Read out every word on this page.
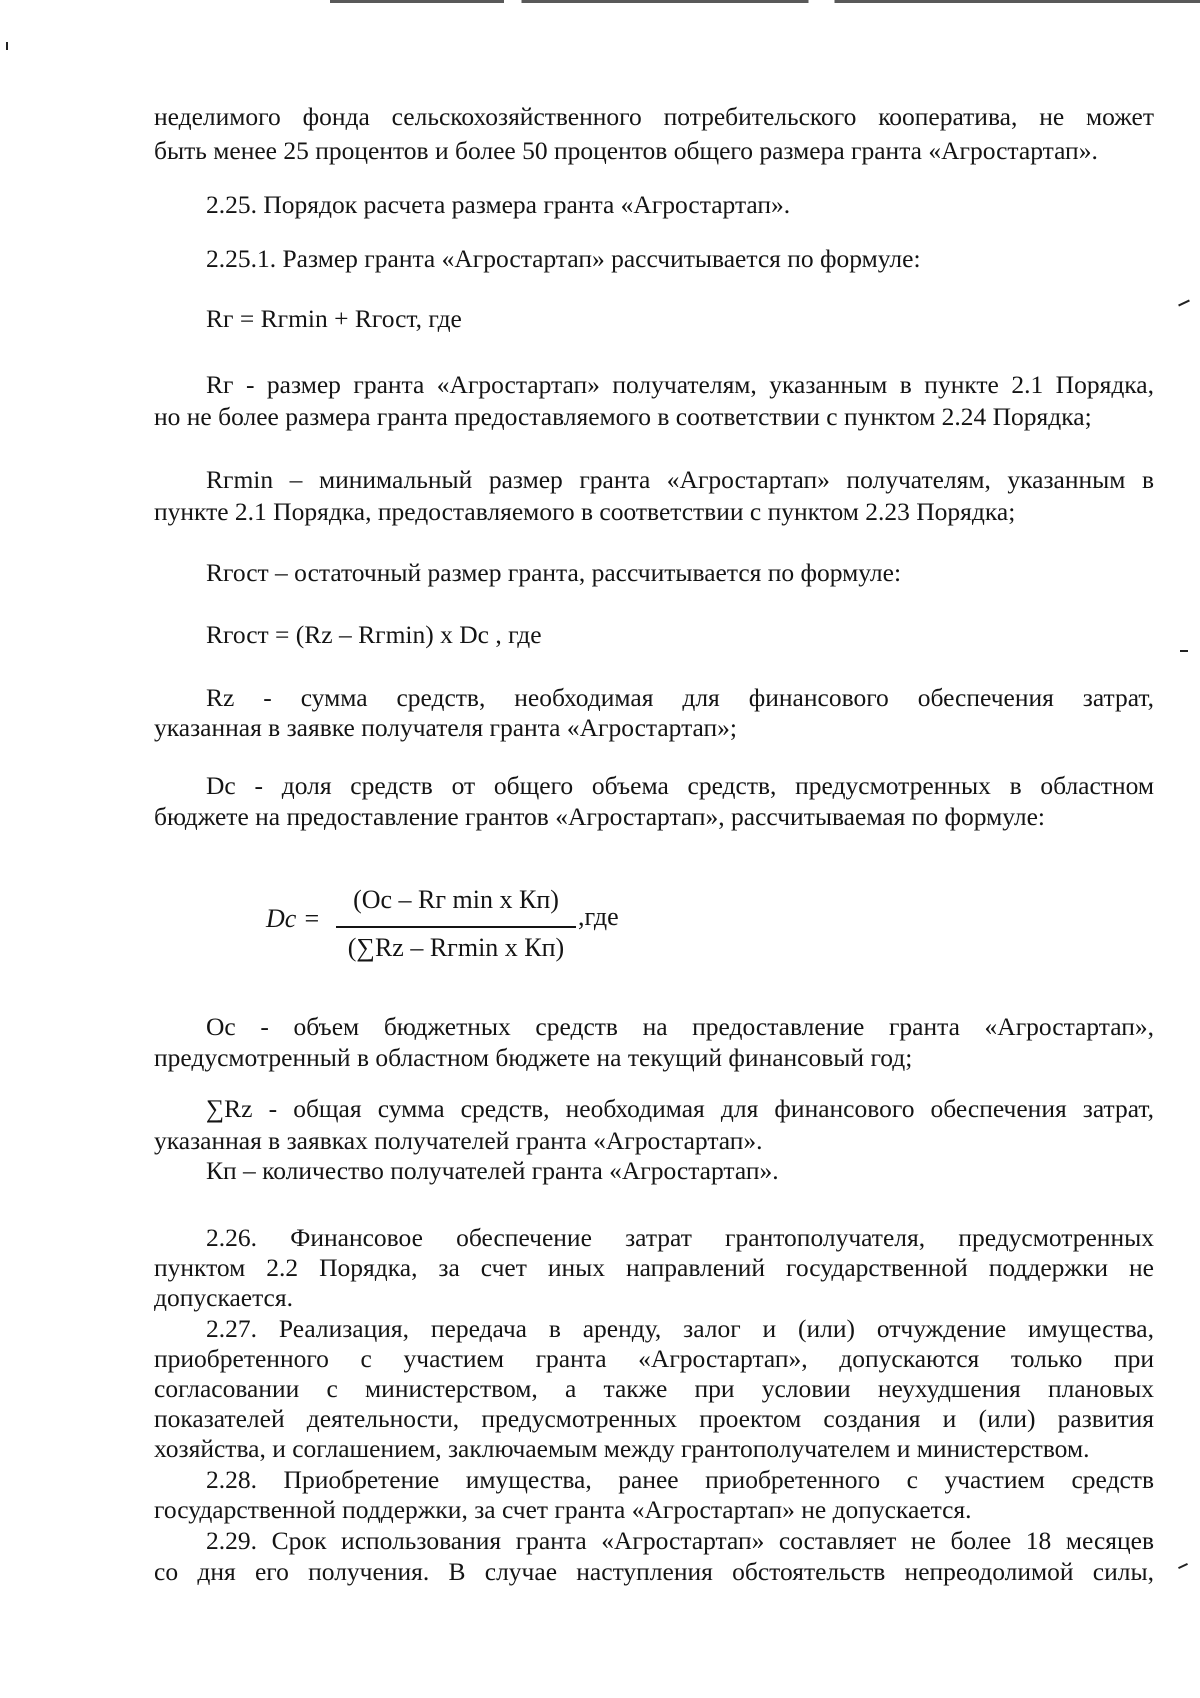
неделимого фонда сельскохозяйственного потребительского кооператива, не может

быть менее 25 процентов и более 50 процентов общего размера гранта «Агростартап».

2.25. Порядок расчета размера гранта «Агростартап».

2.25.1. Размер гранта «Агростартап» рассчитывается по формуле:

Rг = Rгmin + Rгост, где

Rг - размер гранта «Агростартап» получателям, указанным в пункте 2.1 Порядка,

но не более размера гранта предоставляемого в соответствии с пунктом 2.24 Порядка;

Rгmin – минимальный размер гранта «Агростартап» получателям, указанным в

пункте 2.1 Порядка, предоставляемого в соответствии с пунктом 2.23 Порядка;

Rгост – остаточный размер гранта, рассчитывается по формуле:

Rгост = (Rz – Rгmin) х Dc , где

Rz - сумма средств, необходимая для финансового обеспечения затрат,

указанная в заявке получателя гранта «Агростартап»;

Dc - доля средств от общего объема средств, предусмотренных в областном

бюджете на предоставление грантов «Агростартап», рассчитываемая по формуле:

Dc =
(Oc – Rг min х Кп)
(∑Rz – Rгmin х Кп)
,где

Oc - объем бюджетных средств на предоставление гранта «Агростартап»,

предусмотренный в областном бюджете на текущий финансовый год;

∑Rz - общая сумма средств, необходимая для финансового обеспечения затрат,

указанная в заявках получателей гранта «Агростартап».

Кп – количество получателей гранта «Агростартап».

2.26. Финансовое обеспечение затрат грантополучателя, предусмотренных

пунктом 2.2 Порядка, за счет иных направлений государственной поддержки не

допускается.

2.27. Реализация, передача в аренду, залог и (или) отчуждение имущества,

приобретенного с участием гранта «Агростартап», допускаются только при

согласовании с министерством, а также при условии неухудшения плановых

показателей деятельности, предусмотренных проектом создания и (или) развития

хозяйства, и соглашением, заключаемым между грантополучателем и министерством.

2.28. Приобретение имущества, ранее приобретенного с участием средств

государственной поддержки, за счет гранта «Агростартап» не допускается.

2.29. Срок использования гранта «Агростартап» составляет не более 18 месяцев

со дня его получения. В случае наступления обстоятельств непреодолимой силы,
